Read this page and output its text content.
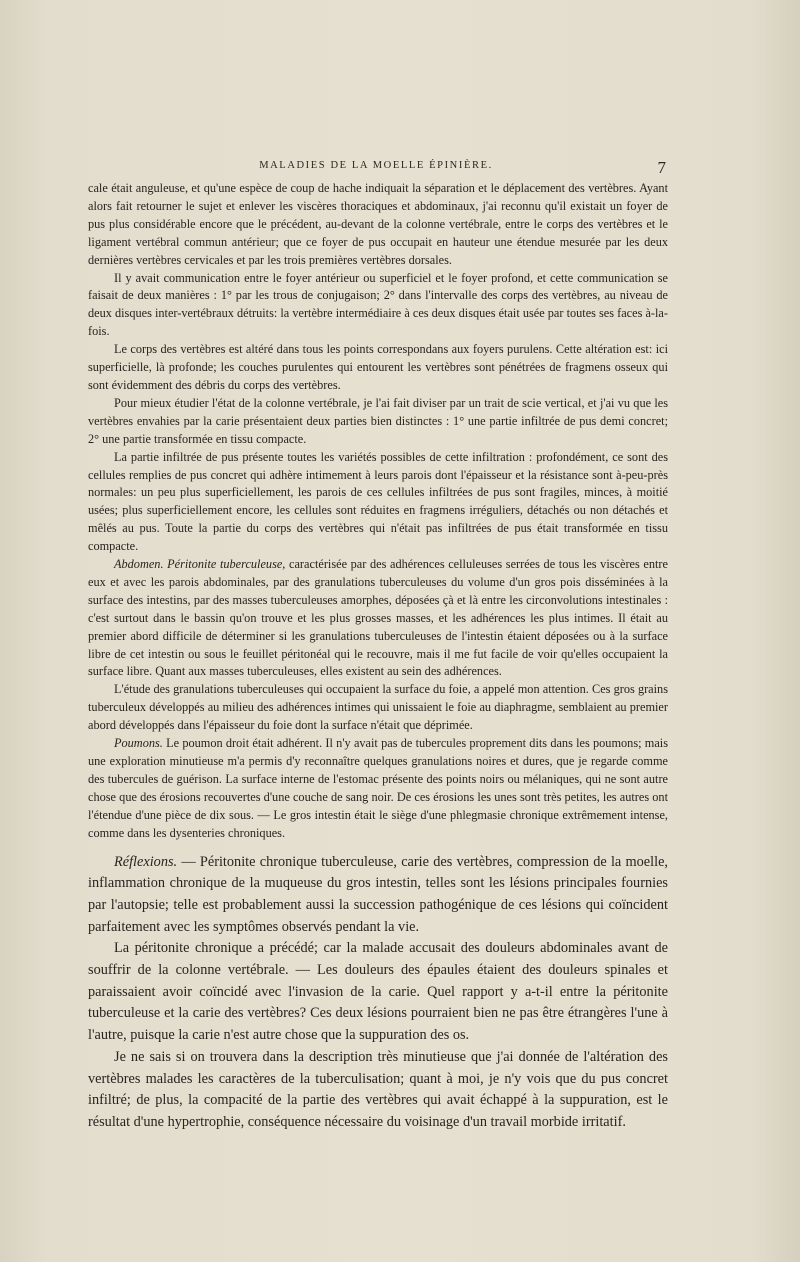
MALADIES DE LA MOELLE ÉPINIÈRE.	7

cale était anguleuse, et qu'une espèce de coup de hache indiquait la séparation et le déplacement des vertèbres. Ayant alors fait retourner le sujet et enlever les viscères thoraciques et abdominaux, j'ai reconnu qu'il existait un foyer de pus plus considérable encore que le précédent, au-devant de la colonne vertébrale, entre le corps des vertèbres et le ligament vertébral commun antérieur; que ce foyer de pus occupait en hauteur une étendue mesurée par les deux dernières vertèbres cervicales et par les trois premières vertèbres dorsales.

Il y avait communication entre le foyer antérieur ou superficiel et le foyer profond, et cette communication se faisait de deux manières : 1° par les trous de conjugaison; 2° dans l'intervalle des corps des vertèbres, au niveau de deux disques inter-vertébraux détruits: la vertèbre intermédiaire à ces deux disques était usée par toutes ses faces à-la-fois.

Le corps des vertèbres est altéré dans tous les points correspondans aux foyers purulens. Cette altération est: ici superficielle, là profonde; les couches purulentes qui entourent les vertèbres sont pénétrées de fragmens osseux qui sont évidemment des débris du corps des vertèbres.

Pour mieux étudier l'état de la colonne vertébrale, je l'ai fait diviser par un trait de scie vertical, et j'ai vu que les vertèbres envahies par la carie présentaient deux parties bien distinctes : 1° une partie infiltrée de pus demi concret; 2° une partie transformée en tissu compacte.

La partie infiltrée de pus présente toutes les variétés possibles de cette infiltration : profondément, ce sont des cellules remplies de pus concret qui adhère intimement à leurs parois dont l'épaisseur et la résistance sont à-peu-près normales: un peu plus superficiellement, les parois de ces cellules infiltrées de pus sont fragiles, minces, à moitié usées; plus superficiellement encore, les cellules sont réduites en fragmens irréguliers, détachés ou non détachés et mêlés au pus. Toute la partie du corps des vertèbres qui n'était pas infiltrées de pus était transformée en tissu compacte.

Abdomen. Péritonite tuberculeuse, caractérisée par des adhérences celluleuses serrées de tous les viscères entre eux et avec les parois abdominales, par des granulations tuberculeuses du volume d'un gros pois disséminées à la surface des intestins, par des masses tuberculeuses amorphes, déposées çà et là entre les circonvolutions intestinales : c'est surtout dans le bassin qu'on trouve et les plus grosses masses, et les adhérences les plus intimes. Il était au premier abord difficile de déterminer si les granulations tuberculeuses de l'intestin étaient déposées ou à la surface libre de cet intestin ou sous le feuillet péritonéal qui le recouvre, mais il me fut facile de voir qu'elles occupaient la surface libre. Quant aux masses tuberculeuses, elles existent au sein des adhérences.

L'étude des granulations tuberculeuses qui occupaient la surface du foie, a appelé mon attention. Ces gros grains tuberculeux développés au milieu des adhérences intimes qui unissaient le foie au diaphragme, semblaient au premier abord développés dans l'épaisseur du foie dont la surface n'était que déprimée.

Poumons. Le poumon droit était adhérent. Il n'y avait pas de tubercules proprement dits dans les poumons; mais une exploration minutieuse m'a permis d'y reconnaître quelques granulations noires et dures, que je regarde comme des tubercules de guérison. La surface interne de l'estomac présente des points noirs ou mélaniques, qui ne sont autre chose que des érosions recouvertes d'une couche de sang noir. De ces érosions les unes sont très petites, les autres ont l'étendue d'une pièce de dix sous. — Le gros intestin était le siège d'une phlegmasie chronique extrêmement intense, comme dans les dysenteries chroniques.

Réflexions. — Péritonite chronique tuberculeuse, carie des vertèbres, compression de la moelle, inflammation chronique de la muqueuse du gros intestin, telles sont les lésions principales fournies par l'autopsie; telle est probablement aussi la succession pathogénique de ces lésions qui coïncident parfaitement avec les symptômes observés pendant la vie.

La péritonite chronique a précédé; car la malade accusait des douleurs abdominales avant de souffrir de la colonne vertébrale. — Les douleurs des épaules étaient des douleurs spinales et paraissaient avoir coïncidé avec l'invasion de la carie. Quel rapport y a-t-il entre la péritonite tuberculeuse et la carie des vertèbres? Ces deux lésions pourraient bien ne pas être étrangères l'une à l'autre, puisque la carie n'est autre chose que la suppuration des os.

Je ne sais si on trouvera dans la description très minutieuse que j'ai donnée de l'altération des vertèbres malades les caractères de la tuberculisation; quant à moi, je n'y vois que du pus concret infiltré; de plus, la compacité de la partie des vertèbres qui avait échappé à la suppuration, est le résultat d'une hypertrophie, conséquence nécessaire du voisinage d'un travail morbide irritatif.
